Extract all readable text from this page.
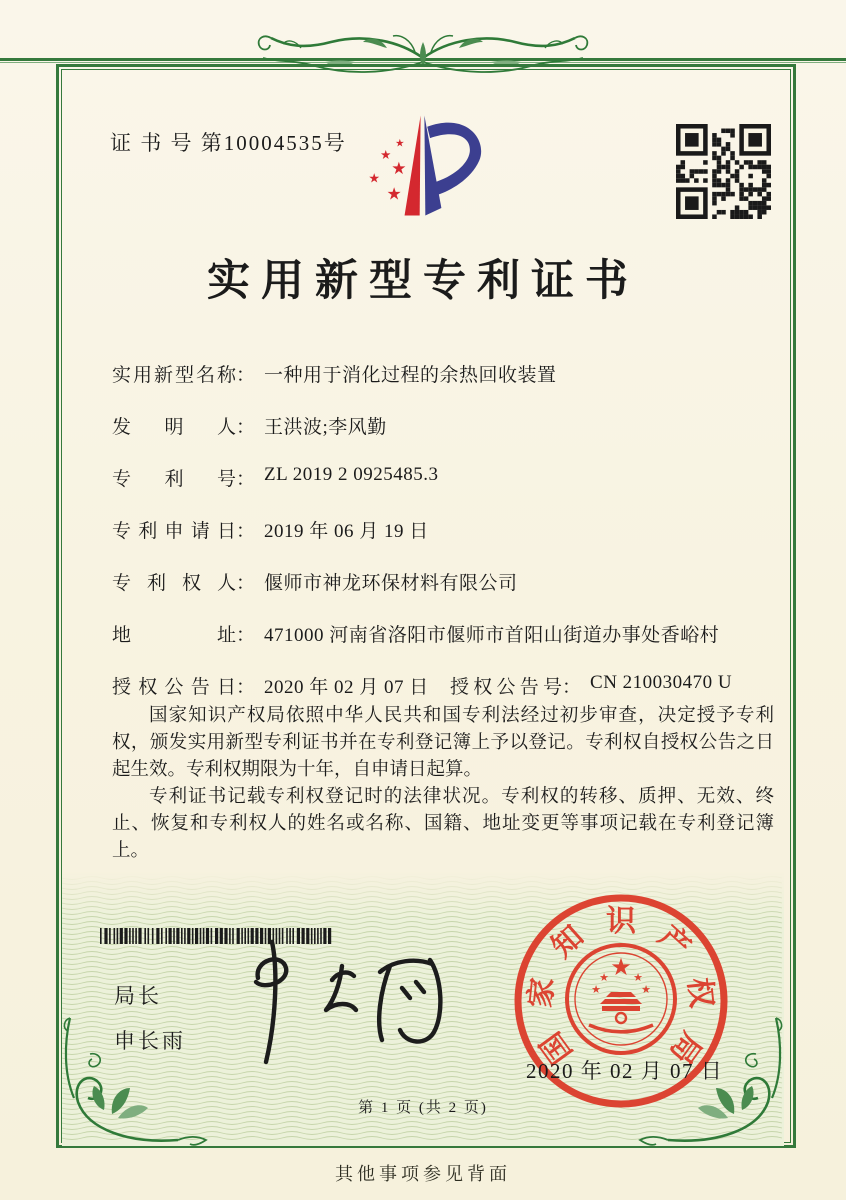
证 书 号 第10004535号	★
★
★
★
★
实用新型专利证书
实用新型名称 ： 一种用于消化过程的余热回收装置
发明人 ： 王洪波;李风勤
专利号 ： ZL 2019 2 0925485.3
专利申请日 ： 2019 年 06 月 19 日
专利权人 ： 偃师市神龙环保材料有限公司
地址 ： 471000 河南省洛阳市偃师市首阳山街道办事处香峪村
授权公告日 ： 2020 年 02 月 07 日 授权公告号 ： CN 210030470 U

国家知识产权局依照中华人民共和国专利法经过初步审查，决定授予专利权，颁发实用新型专利证书并在专利登记簿上予以登记。专利权自授权公告之日起生效。专利权期限为十年，自申请日起算。

专利证书记载专利权登记时的法律状况。专利权的转移、质押、无效、终止、恢复和专利权人的姓名或名称、国籍、地址变更等事项记载在专利登记簿上。

局长
申长雨	国
家
知 识 产
权
局
★
★ ★
★	★
2020 年 02 月 07 日
第 1 页 (共 2 页)
其他事项参见背面
